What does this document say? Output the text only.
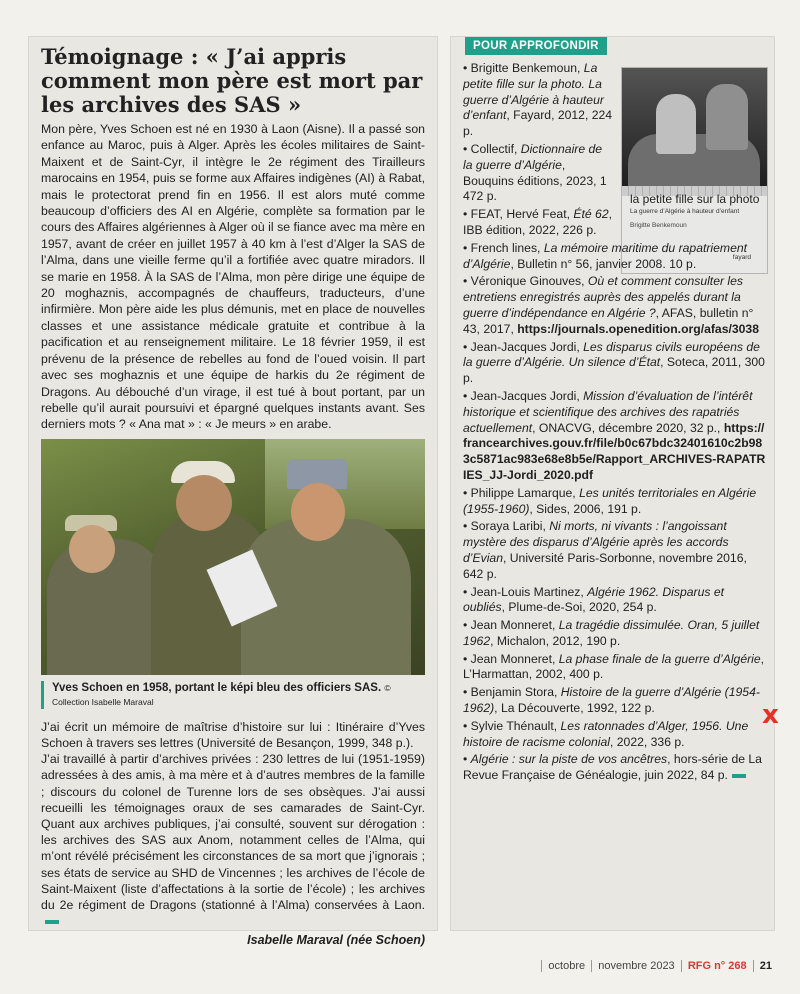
Témoignage : « J’ai appris comment mon père est mort par les archives des SAS »
Mon père, Yves Schoen est né en 1930 à Laon (Aisne). Il a passé son enfance au Maroc, puis à Alger. Après les écoles militaires de Saint-Maixent et de Saint-Cyr, il intègre le 2e régiment des Tirailleurs marocains en 1954, puis se forme aux Affaires indigènes (AI) à Rabat, mais le protectorat prend fin en 1956. Il est alors muté comme beaucoup d’officiers des AI en Algérie, complète sa formation par le cours des Affaires algériennes à Alger où il se fiance avec ma mère en 1957, avant de créer en juillet 1957 à 40 km à l’est d’Alger la SAS de l’Alma, dans une vieille ferme qu’il a fortifiée avec quatre miradors. Il se marie en 1958. À la SAS de l’Alma, mon père dirige une équipe de 20 moghaznis, accompagnés de chauffeurs, traducteurs, d’une infirmière. Mon père aide les plus démunis, met en place de nouvelles classes et une assistance médicale gratuite et contribue à la pacification et au renseignement militaire. Le 18 février 1959, il est prévenu de la présence de rebelles au fond de l’oued voisin. Il part avec ses moghaznis et une équipe de harkis du 2e régiment de Dragons. Au débouché d’un virage, il est tué à bout portant, par un rebelle qu’il aurait poursuivi et épargné quelques instants avant. Ses derniers mots ? « Ana mat » : « Je meurs » en arabe.
Yves Schoen en 1958, portant le képi bleu des officiers SAS. © Collection Isabelle Maraval

J’ai écrit un mémoire de maîtrise d’histoire sur lui : Itinéraire d’Yves Schoen à travers ses lettres (Université de Besançon, 1999, 348 p.).

J’ai travaillé à partir d’archives privées : 230 lettres de lui (1951-1959) adressées à des amis, à ma mère et à d’autres membres de la famille ; discours du colonel de Turenne lors de ses obsèques. J’ai aussi recueilli les témoignages oraux de ses camarades de Saint-Cyr. Quant aux archives publiques, j’ai consulté, souvent sur dérogation : les archives des SAS aux Anom, notamment celles de l’Alma, qui m’ont révélé précisément les circonstances de sa mort que j’ignorais ; ses états de service au SHD de Vincennes ; les archives de l’école de Saint-Maixent (liste d’affectations à la sortie de l’école) ; les archives du 2e régiment de Dragons (stationné à l’Alma) conservées à Laon.

Isabelle Maraval (née Schoen)
POUR APPROFONDIR
la petite fille sur la photo
La guerre d’Algérie à hauteur d’enfant
Brigitte Benkemoun
fayard
• Brigitte Benkemoun, La petite fille sur la photo. La guerre d’Algérie à hauteur d’enfant, Fayard, 2012, 224 p.
• Collectif, Dictionnaire de la guerre d’Algérie, Bouquins éditions, 2023, 1 472 p.
• FEAT, Hervé Feat, Été 62, IBB édition, 2022, 226 p.
• French lines, La mémoire maritime du rapatriement d’Algérie, Bulletin n° 56, janvier 2008. 10 p.
• Véronique Ginouves, Où et comment consulter les entretiens enregistrés auprès des appelés durant la guerre d’indépendance en Algérie ?, AFAS, bulletin n° 43, 2017, https://journals.openedition.org/afas/3038
• Jean-Jacques Jordi, Les disparus civils européens de la guerre d’Algérie. Un silence d’État, Soteca, 2011, 300 p.
• Jean-Jacques Jordi, Mission d’évaluation de l’intérêt historique et scientifique des archives des rapatriés actuellement, ONACVG, décembre 2020, 32 p., https://francearchives.gouv.fr/file/b0c67bdc32401610c2b983c5871ac983e68e8b5e/Rapport_ARCHIVES-RAPATRIES_JJ-Jordi_2020.pdf
• Philippe Lamarque, Les unités territoriales en Algérie (1955-1960), Sides, 2006, 191 p.
• Soraya Laribi, Ni morts, ni vivants : l’angoissant mystère des disparus d’Algérie après les accords d’Evian, Université Paris-Sorbonne, novembre 2016, 642 p.
• Jean-Louis Martinez, Algérie 1962. Disparus et oubliés, Plume-de-Soi, 2020, 254 p.
• Jean Monneret, La tragédie dissimulée. Oran, 5 juillet 1962, Michalon, 2012, 190 p.
• Jean Monneret, La phase finale de la guerre d’Algérie, L’Harmattan, 2002, 400 p.
• Benjamin Stora, Histoire de la guerre d’Algérie (1954-1962), La Découverte, 1992, 122 p.
• Sylvie Thénault, Les ratonnades d’Alger, 1956. Une histoire de racisme colonial, 2022, 336 p.
• Algérie : sur la piste de vos ancêtres, hors-série de La Revue Française de Généalogie, juin 2022, 84 p.
x
octobre novembre 2023 RFG n° 268 21
